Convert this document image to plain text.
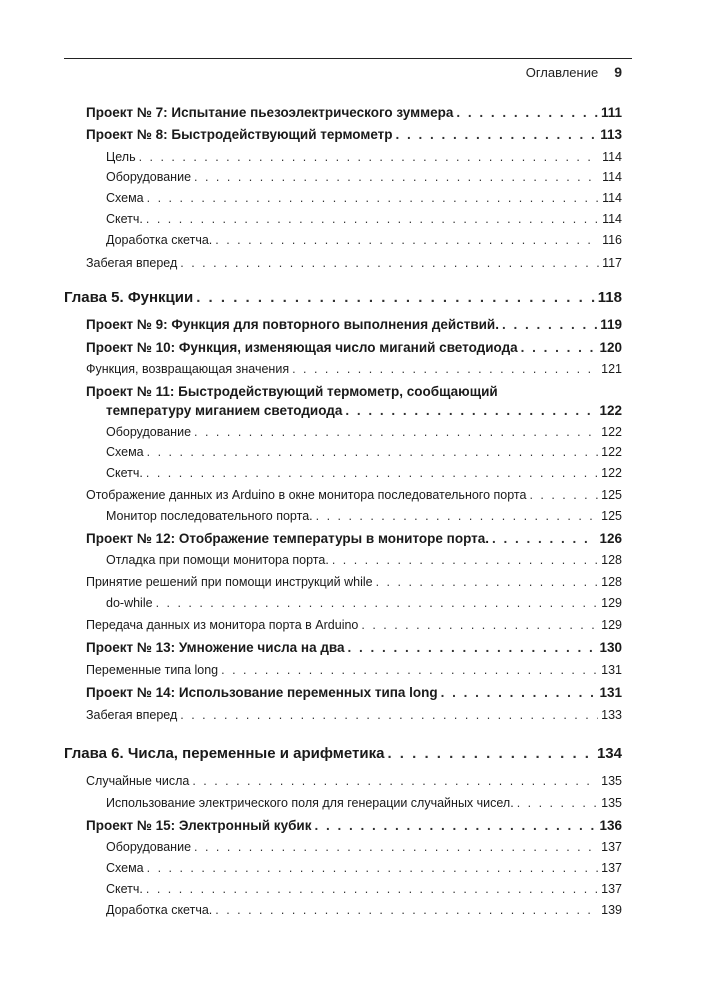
Оглавление 9
Проект № 7: Испытание пьезоэлектрического зуммера . . .	111
Проект № 8: Быстродействующий термометр . . .	113
Цель . . .	114
Оборудование . . .	114
Схема . . .	114
Скетч. . . .	114
Доработка скетча. . . .	116
Забегая вперед . . .	117
Глава 5. Функции . . .	118
Проект № 9: Функция для повторного выполнения действий. . . .	119
Проект № 10: Функция, изменяющая число миганий светодиода . . .	120
Функция, возвращающая значения . . .	121
Проект № 11: Быстродействующий термометр, сообщающий
температуру миганием светодиода . . .	122
Оборудование . . .	122
Схема . . .	122
Скетч. . . .	122
Отображение данных из Arduino в окне монитора последовательного порта . . .	125
Монитор последовательного порта. . . .	125
Проект № 12: Отображение температуры в мониторе порта. . . .	126
Отладка при помощи монитора порта. . . .	128
Принятие решений при помощи инструкций while . . .	128
do-while . . .	129
Передача данных из монитора порта в Arduino . . .	129
Проект № 13: Умножение числа на два . . .	130
Переменные типа long . . .	131
Проект № 14: Использование переменных типа long . . .	131
Забегая вперед . . .	133
Глава 6. Числа, переменные и арифметика . . .	134
Случайные числа . . .	135
Использование электрического поля для генерации случайных чисел. . . .	135
Проект № 15: Электронный кубик . . .	136
Оборудование . . .	137
Схема . . .	137
Скетч. . . .	137
Доработка скетча. . . .	139
